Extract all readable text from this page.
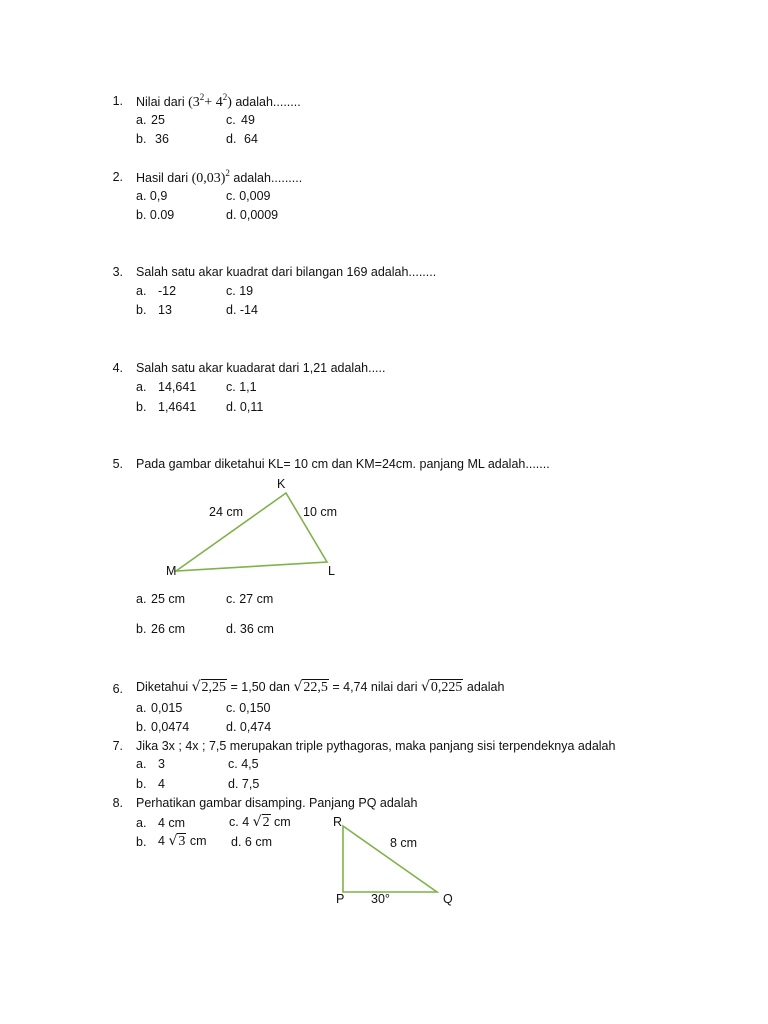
1. Nilai dari $(3^2+ 4^2)$ adalah........
a. 25
b. 36
c. 49
d. 64
2. Hasil dari $(0,03)^2$ adalah.........
a. 0,9
b. 0.09
c. 0,009
d. 0,0009
3. Salah satu akar kuadrat dari bilangan 169 adalah........
a. -12
b. 13
c. 19
d. -14
4. Salah satu akar kuadarat dari 1,21 adalah.....
a. 14,641
b. 1,4641
c. 1,1
d. 0,11
5. Pada gambar diketahui KL= 10 cm dan KM=24cm. panjang ML adalah.......
K
24 cm	10 cm
M	L
a. 25 cm
b. 26 cm
c. 27 cm
d. 36 cm
6. Diketahui √2,25 = 1,50 dan √22,5 = 4,74 nilai dari √0,225 adalah
a. 0,015
b. 0,0474
c. 0,150
d. 0,474
7. Jika 3x ; 4x ; 7,5 merupakan triple pythagoras, maka panjang sisi terpendeknya adalah
a. 3
b. 4
c. 4,5
d. 7,5
8. Perhatikan gambar disamping. Panjang PQ adalah
a. 4 cm
b. 4 √3 cm
c. 4 √2 cm
d. 6 cm
R
8 cm
P 30°	Q
